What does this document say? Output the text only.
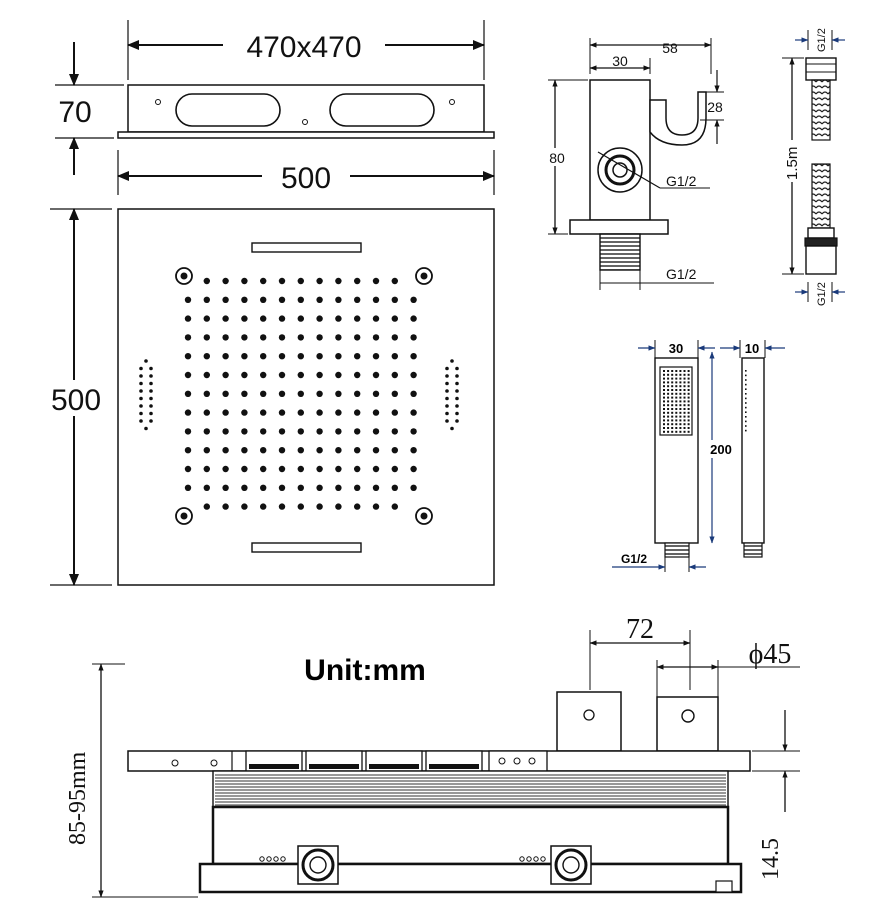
470x470
70
500
500
58
30
80
28
G1/2
G1/2
G1/2
1.5m
G1/2
30	10
200
G1/2
Unit:mm
72
ϕ45
85-95mm
14.5
